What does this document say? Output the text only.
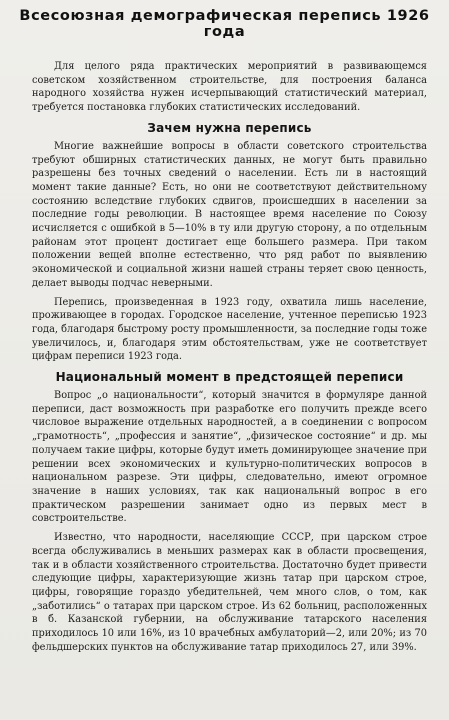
Всесоюзная демографическая перепись 1926 года

Для целого ряда практических мероприятий в развивающемся советском хозяйственном строительстве, для построения баланса народного хозяйства нужен исчерпывающий статистический материал, требуется постановка глубоких статистических исследований.

Зачем нужна перепись

Многие важнейшие вопросы в области советского строительства требуют обширных статистических данных, не могут быть правильно разрешены без точных сведений о населении. Есть ли в настоящий момент такие данные? Есть, но они не соответствуют действительному состоянию вследствие глубоких сдвигов, происшедших в населении за последние годы революции. В настоящее время население по Союзу исчисляется с ошибкой в 5—10% в ту или другую сторону, а по отдельным районам этот процент достигает еще большего размера. При таком положении вещей вполне естественно, что ряд работ по выявлению экономической и социальной жизни нашей страны теряет свою ценность, делает выводы подчас неверными.

Перепись, произведенная в 1923 году, охватила лишь население, проживающее в городах. Городское население, учтенное переписью 1923 года, благодаря быстрому росту промышленности, за последние годы тоже увеличилось, и, благодаря этим обстоятельствам, уже не соответствует цифрам переписи 1923 года.

Национальный момент в предстоящей переписи

Вопрос „о национальности“, который значится в формуляре данной переписи, даст возможность при разработке его получить прежде всего числовое выражение отдельных народностей, а в соединении с вопросом „грамотность“, „профессия и занятие“, „физическое состояние“ и др. мы получаем такие цифры, которые будут иметь доминирующее значение при решении всех экономических и культурно-политических вопросов в национальном разрезе. Эти цифры, следовательно, имеют огромное значение в наших условиях, так как национальный вопрос в его практическом разрешении занимает одно из первых мест в совстроительстве.

Известно, что народности, населяющие СССР, при царском строе всегда обслуживались в меньших размерах как в области просвещения, так и в области хозяйственного строительства. Достаточно будет привести следующие цифры, характеризующие жизнь татар при царском строе, цифры, говорящие гораздо убедительней, чем много слов, о том, как „заботились“ о татарах при царском строе. Из 62 больниц, расположенных в б. Казанской губернии, на обслуживание татарского населения приходилось 10 или 16%, из 10 врачебных амбулаторий—2, или 20%; из 70 фельдшерских пунктов на обслуживание татар приходилось 27, или 39%.
